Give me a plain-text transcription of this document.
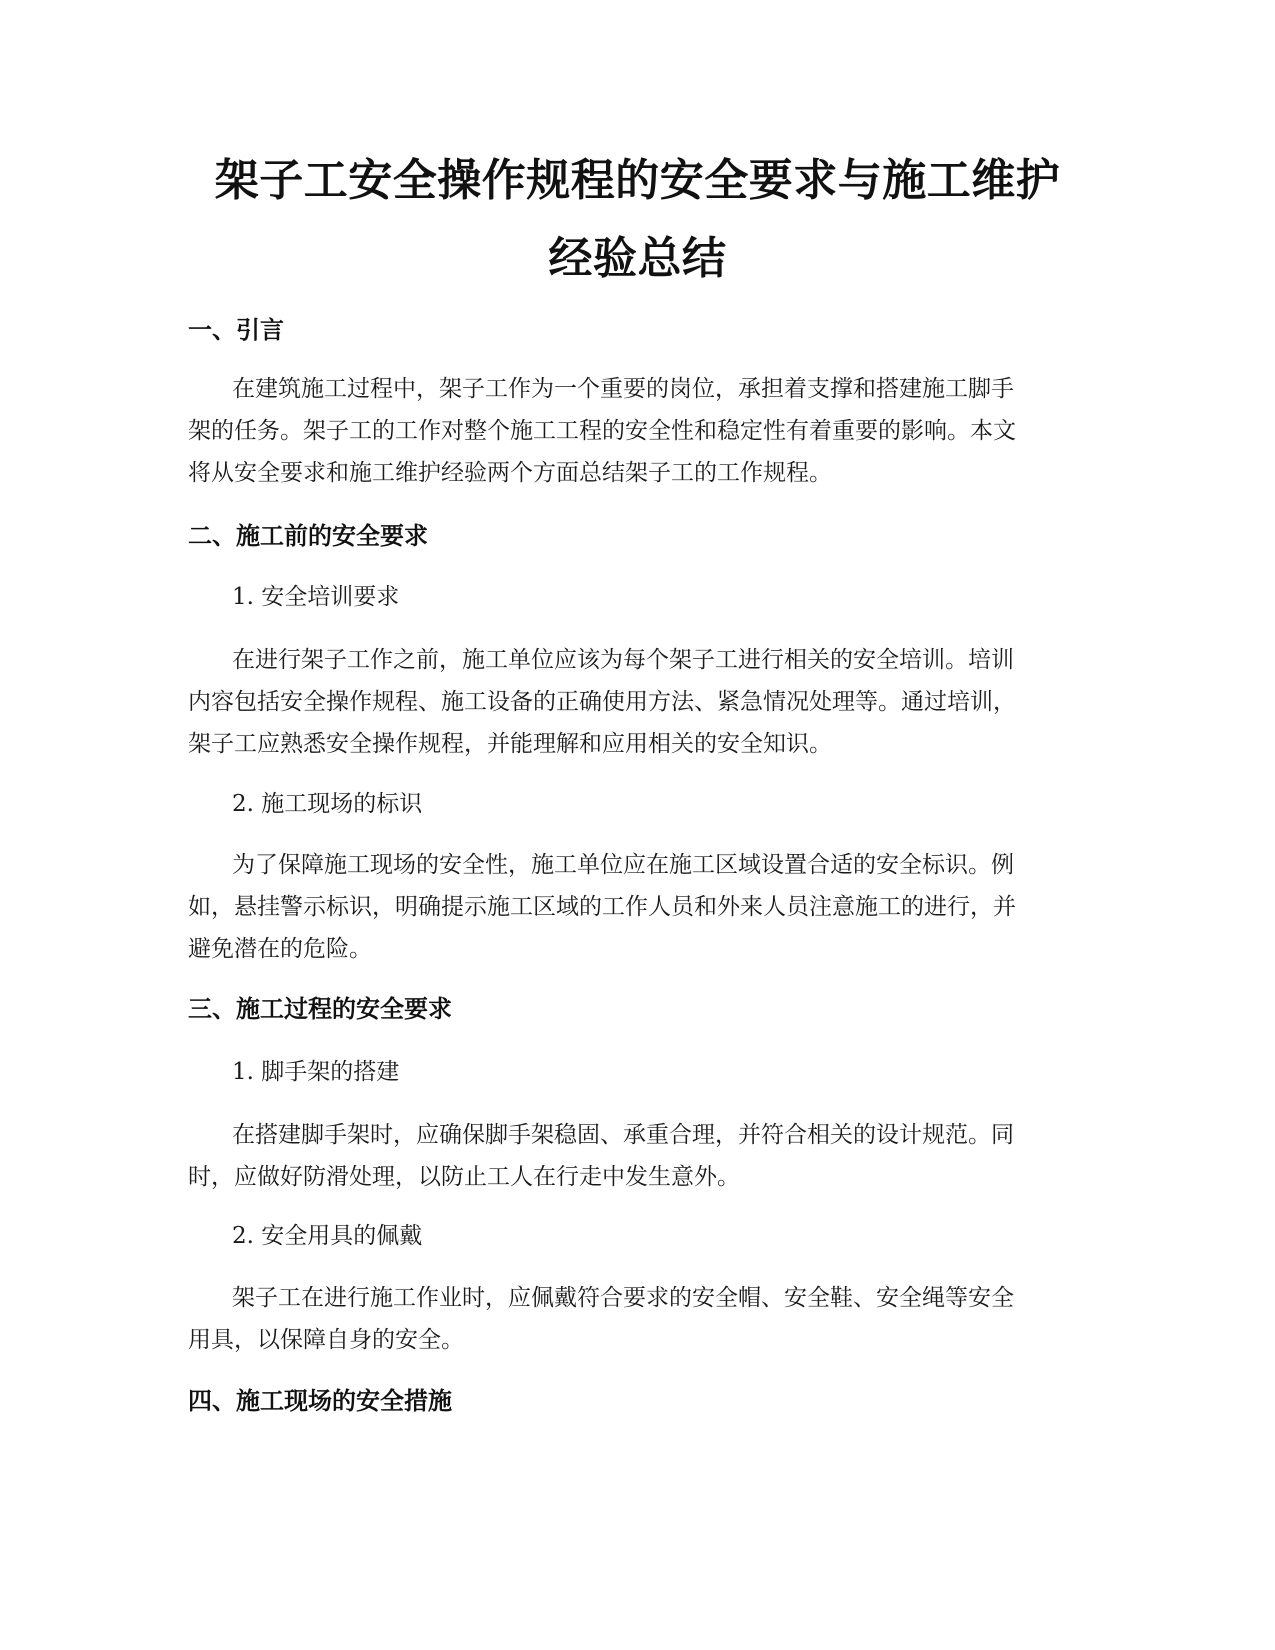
架子工安全操作规程的安全要求与施工维护
经验总结
一、引言
在建筑施工过程中，架子工作为一个重要的岗位，承担着支撑和搭建施工脚手
架的任务。架子工的工作对整个施工工程的安全性和稳定性有着重要的影响。本文
将从安全要求和施工维护经验两个方面总结架子工的工作规程。
二、施工前的安全要求
1. 安全培训要求
在进行架子工作之前，施工单位应该为每个架子工进行相关的安全培训。培训
内容包括安全操作规程、施工设备的正确使用方法、紧急情况处理等。通过培训，
架子工应熟悉安全操作规程，并能理解和应用相关的安全知识。
2. 施工现场的标识
为了保障施工现场的安全性，施工单位应在施工区域设置合适的安全标识。例
如，悬挂警示标识，明确提示施工区域的工作人员和外来人员注意施工的进行，并
避免潜在的危险。
三、施工过程的安全要求
1. 脚手架的搭建
在搭建脚手架时，应确保脚手架稳固、承重合理，并符合相关的设计规范。同
时，应做好防滑处理，以防止工人在行走中发生意外。
2. 安全用具的佩戴
架子工在进行施工作业时，应佩戴符合要求的安全帽、安全鞋、安全绳等安全
用具，以保障自身的安全。
四、施工现场的安全措施
